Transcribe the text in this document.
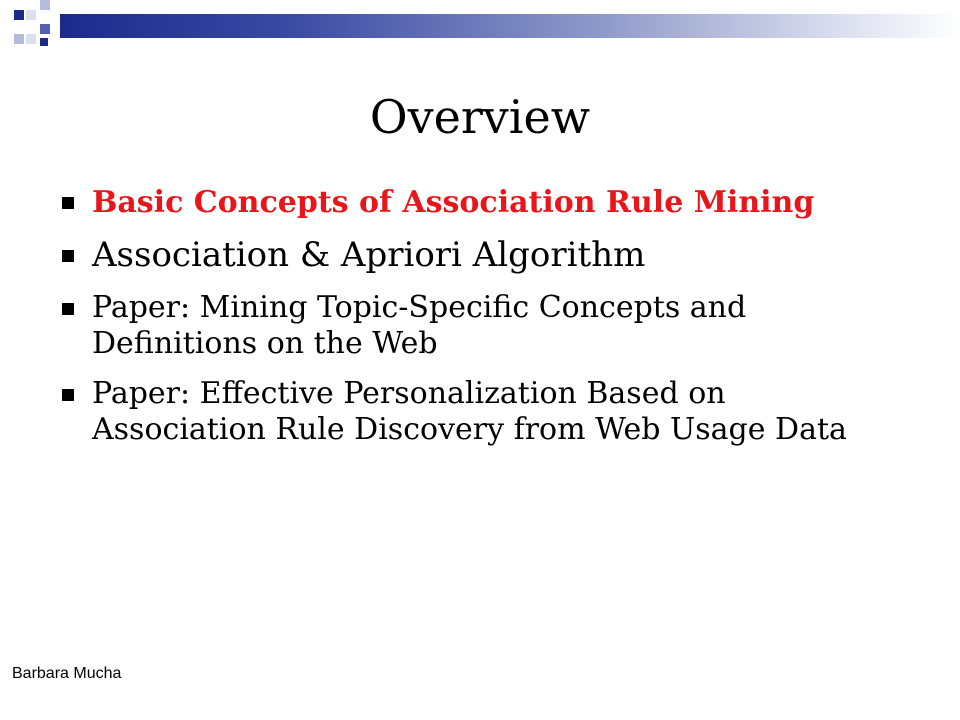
Overview
Basic Concepts of Association Rule Mining
Association & Apriori Algorithm
Paper: Mining Topic-Specific Concepts and Definitions on the Web
Paper: Effective Personalization Based on Association Rule Discovery from Web Usage Data
Barbara Mucha
